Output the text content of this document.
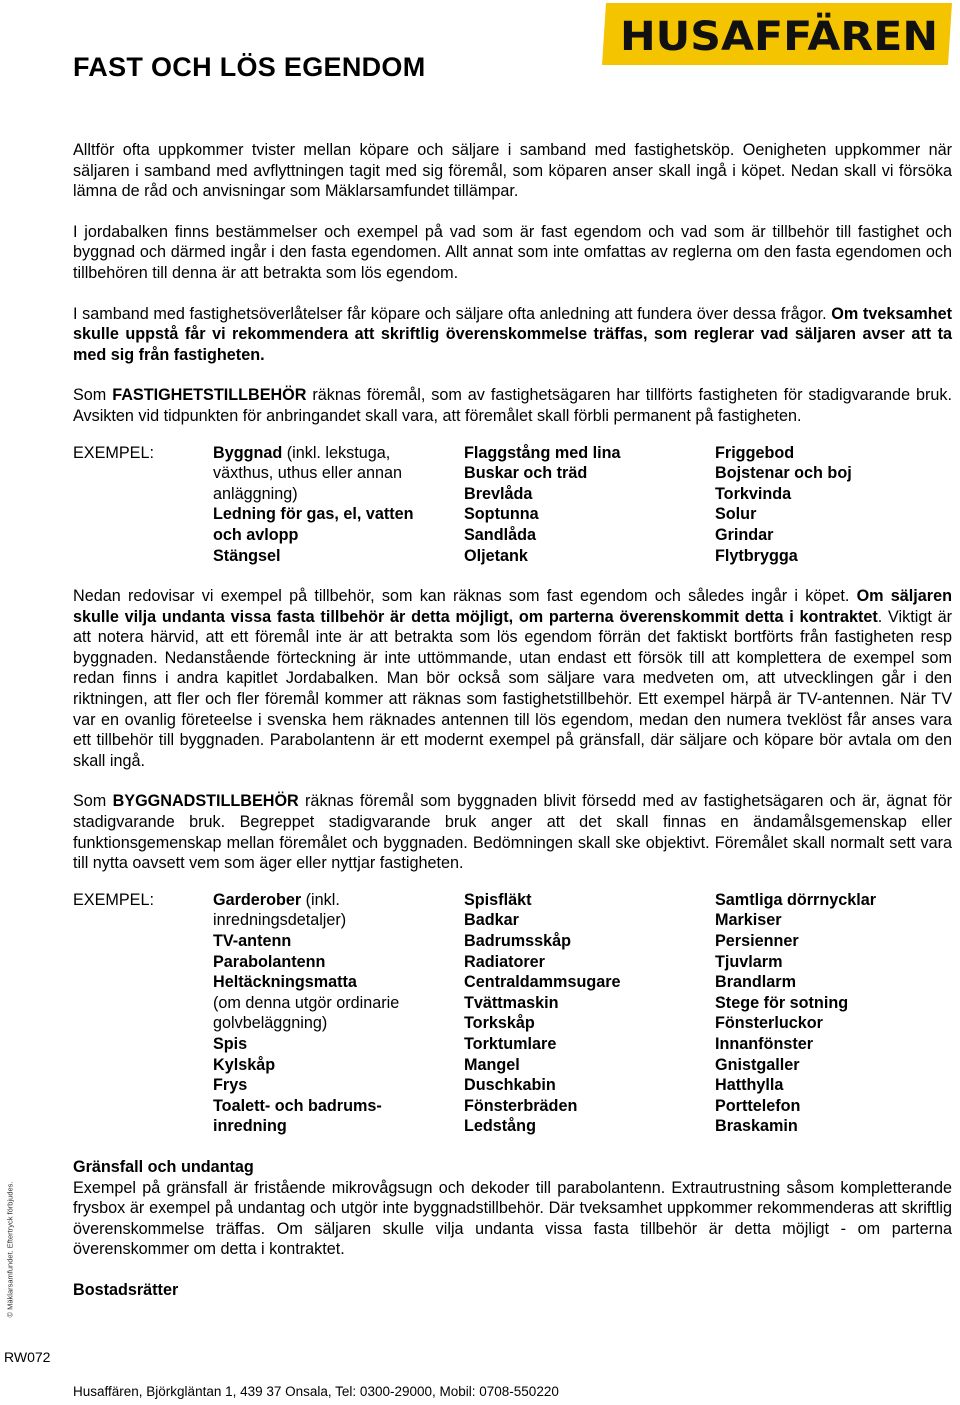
FAST OCH LÖS EGENDOM
HUSAFFÄREN

Alltför ofta uppkommer tvister mellan köpare och säljare i samband med fastighetsköp. Oenigheten uppkommer när säljaren i samband med avflyttningen tagit med sig föremål, som köparen anser skall ingå i köpet. Nedan skall vi försöka lämna de råd och anvisningar som Mäklarsamfundet tillämpar.

I jordabalken finns bestämmelser och exempel på vad som är fast egendom och vad som är tillbehör till fastighet och byggnad och därmed ingår i den fasta egendomen. Allt annat som inte omfattas av reglerna om den fasta egendomen och tillbehören till denna är att betrakta som lös egendom.

I samband med fastighetsöverlåtelser får köpare och säljare ofta anledning att fundera över dessa frågor. Om tveksamhet skulle uppstå får vi rekommendera att skriftlig överenskommelse träffas, som reglerar vad säljaren avser att ta med sig från fastigheten.

Som FASTIGHETSTILLBEHÖR räknas föremål, som av fastighetsägaren har tillförts fastigheten för stadigvarande bruk. Avsikten vid tidpunkten för anbringandet skall vara, att föremålet skall förbli permanent på fastigheten.

EXEMPEL:	Byggnad (inkl. lekstuga,
växthus, uthus eller annan
anläggning)
Ledning för gas, el, vatten
och avlopp
Stängsel
Flaggstång med lina
Buskar och träd
Brevlåda
Soptunna
Sandlåda
Oljetank
Friggebod
Bojstenar och boj
Torkvinda
Solur
Grindar
Flytbrygga

Nedan redovisar vi exempel på tillbehör, som kan räknas som fast egendom och således ingår i köpet. Om säljaren skulle vilja undanta vissa fasta tillbehör är detta möjligt, om parterna överenskommit detta i kontraktet. Viktigt är att notera härvid, att ett föremål inte är att betrakta som lös egendom förrän det faktiskt bortförts från fastigheten resp byggnaden. Nedanstående förteckning är inte uttömmande, utan endast ett försök till att komplettera de exempel som redan finns i andra kapitlet Jordabalken. Man bör också som säljare vara medveten om, att utvecklingen går i den riktningen, att fler och fler föremål kommer att räknas som fastighetstillbehör. Ett exempel härpå är TV-antennen. När TV var en ovanlig företeelse i svenska hem räknades antennen till lös egendom, medan den numera tveklöst får anses vara ett tillbehör till byggnaden. Parabolantenn är ett modernt exempel på gränsfall, där säljare och köpare bör avtala om den skall ingå.

Som BYGGNADSTILLBEHÖR räknas föremål som byggnaden blivit försedd med av fastighetsägaren och är, ägnat för stadigvarande bruk. Begreppet stadigvarande bruk anger att det skall finnas en ändamålsgemenskap eller funktionsgemenskap mellan föremålet och byggnaden. Bedömningen skall ske objektivt. Föremålet skall normalt sett vara till nytta oavsett vem som äger eller nyttjar fastigheten.

EXEMPEL:	Garderober (inkl.
inredningsdetaljer)
TV-antenn
Parabolantenn
Heltäckningsmatta
(om denna utgör ordinarie
golvbeläggning)
Spis
Kylskåp
Frys
Toalett- och badrums-
inredning
Spisfläkt
Badkar
Badrumsskåp
Radiatorer
Centraldammsugare
Tvättmaskin
Torkskåp
Torktumlare
Mangel
Duschkabin
Fönsterbräden
Ledstång
Samtliga dörrnycklar
Markiser
Persienner
Tjuvlarm
Brandlarm
Stege för sotning
Fönsterluckor
Innanfönster
Gnistgaller
Hatthylla
Porttelefon
Braskamin
Gränsfall och undantag

Exempel på gränsfall är fristående mikrovågsugn och dekoder till parabolantenn. Extrautrustning såsom kompletterande frysbox är exempel på undantag och utgör inte byggnadstillbehör. Där tveksamhet uppkommer rekommenderas att skriftlig överenskommelse träffas. Om säljaren skulle vilja undanta vissa fasta tillbehör är detta möjligt - om parterna överenskommer om detta i kontraktet.

Bostadsrätter
© Mäklarsamfundet. Eftertryck förbjudes.
RW072
Husaffären, Björkgläntan 1, 439 37 Onsala, Tel: 0300-29000, Mobil: 0708-550220
